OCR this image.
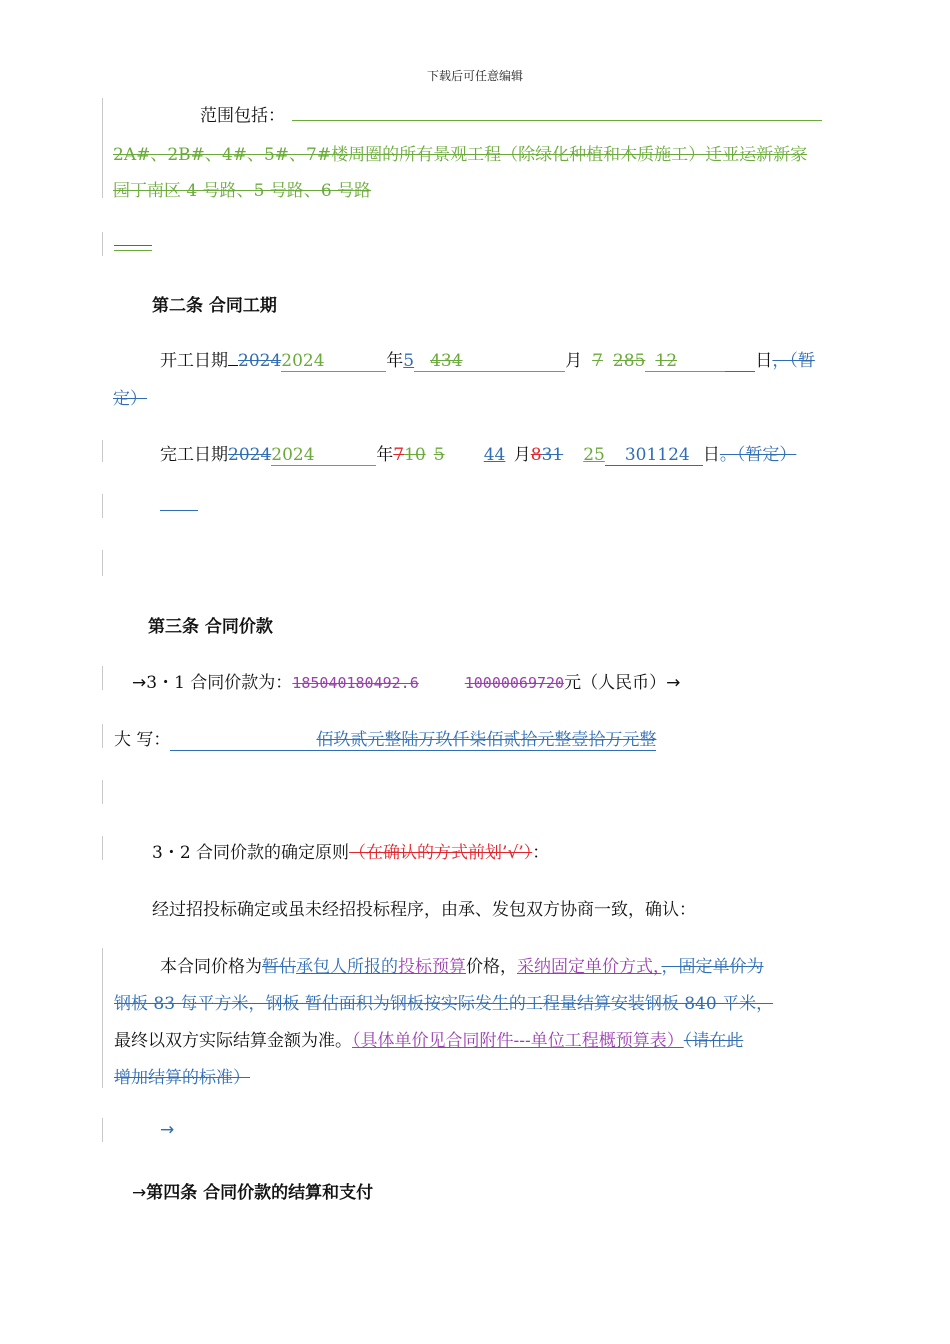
下载后可任意编辑
范围包括：
2A#、2B#、4#、5#、7#楼周圈的所有景观工程（除绿化种植和木质施工）迁亚运新新家
园丁南区 4 号路、5 号路、6 号路
第二条 合同工期
开工日期 20242024	年5 434	月 7 285 12	日，（暂
定）
完工日期20242024	年710 5 44 月831 25 301124 日。（暂定）
第三条 合同价款
→3・1 合同价款为：185040180492.6	10000069720元（人民币）→
大 写：	佰玖贰元整陆万玖仟柒佰贰拾元整壹拾万元整
3・2 合同价款的确定原则（在确认的方式前划’√’）：
经过招投标确定或虽未经招投标程序，由承、发包双方协商一致，确认：
本合同价格为暂估承包人所报的投标预算价格，采纳固定单价方式，，固定单价为
钢板 83 每平方米，钢板 暂估面积为钢板按实际发生的工程量结算安装钢板 840 平米，
最终以双方实际结算金额为准。（具体单价见合同附件---单位工程概预算表）（请在此
增加结算的标准）
→
→第四条 合同价款的结算和支付
